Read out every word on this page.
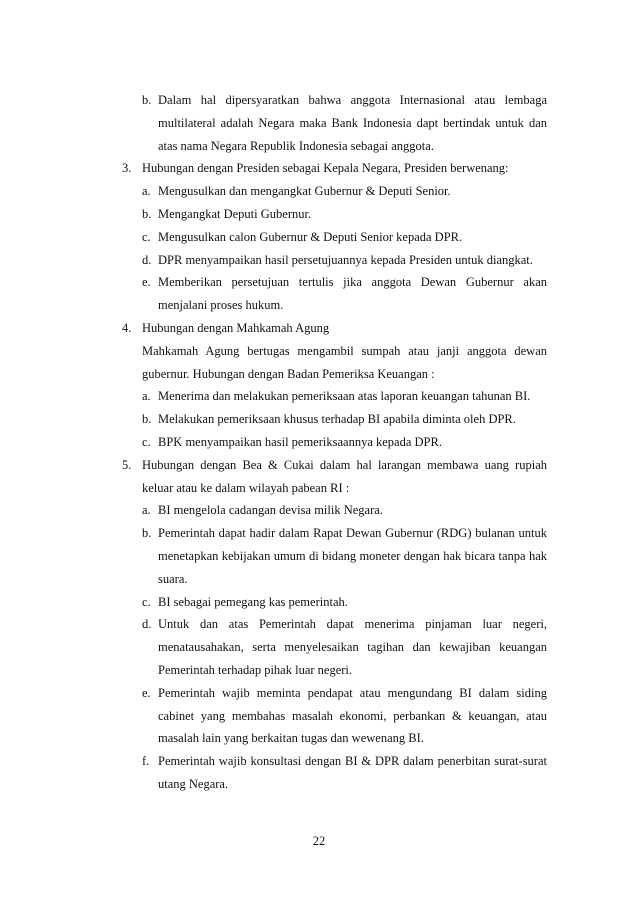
b. Dalam hal dipersyaratkan bahwa anggota Internasional atau lembaga multilateral adalah Negara maka Bank Indonesia dapt bertindak untuk dan atas nama Negara Republik Indonesia sebagai anggota.
3. Hubungan dengan Presiden sebagai Kepala Negara, Presiden berwenang:
a. Mengusulkan dan mengangkat Gubernur & Deputi Senior.
b. Mengangkat Deputi Gubernur.
c. Mengusulkan calon Gubernur & Deputi Senior kepada DPR.
d. DPR menyampaikan hasil persetujuannya kepada Presiden untuk diangkat.
e. Memberikan persetujuan tertulis jika anggota Dewan Gubernur akan menjalani proses hukum.
4. Hubungan dengan Mahkamah Agung
Mahkamah Agung bertugas mengambil sumpah atau janji anggota dewan gubernur. Hubungan dengan Badan Pemeriksa Keuangan :
a. Menerima dan melakukan pemeriksaan atas laporan keuangan tahunan BI.
b. Melakukan pemeriksaan khusus terhadap BI apabila diminta oleh DPR.
c. BPK menyampaikan hasil pemeriksaannya kepada DPR.
5. Hubungan dengan Bea & Cukai dalam hal larangan membawa uang rupiah keluar atau ke dalam wilayah pabean RI :
a. BI mengelola cadangan devisa milik Negara.
b. Pemerintah dapat hadir dalam Rapat Dewan Gubernur (RDG) bulanan untuk menetapkan kebijakan umum di bidang moneter dengan hak bicara tanpa hak suara.
c. BI sebagai pemegang kas pemerintah.
d. Untuk dan atas Pemerintah dapat menerima pinjaman luar negeri, menatausahakan, serta menyelesaikan tagihan dan kewajiban keuangan Pemerintah terhadap pihak luar negeri.
e. Pemerintah wajib meminta pendapat atau mengundang BI dalam siding cabinet yang membahas masalah ekonomi, perbankan & keuangan, atau masalah lain yang berkaitan tugas dan wewenang BI.
f. Pemerintah wajib konsultasi dengan BI & DPR dalam penerbitan surat-surat utang Negara.
22
